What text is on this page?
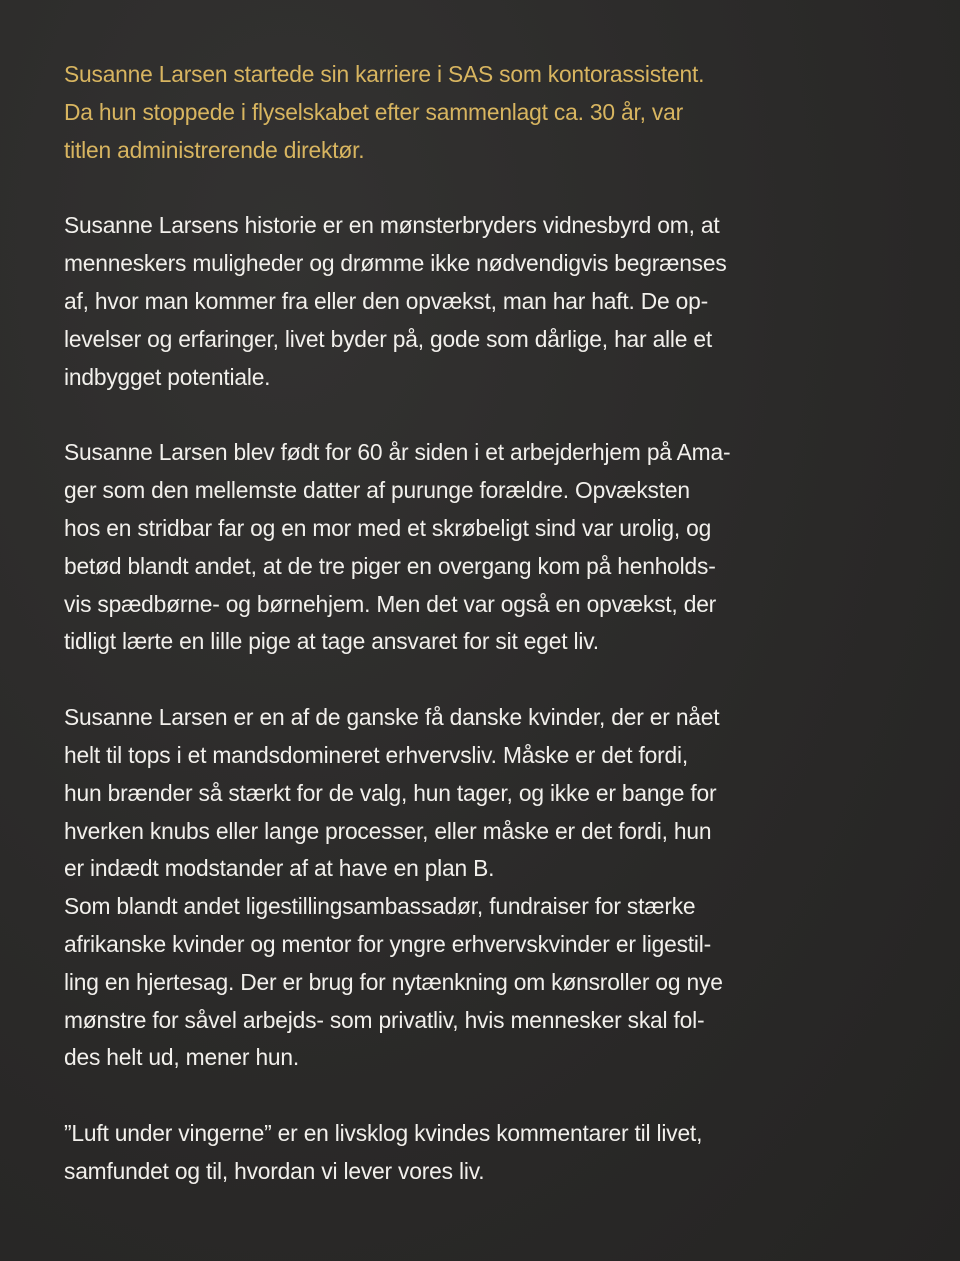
Susanne Larsen startede sin karriere i SAS som kontorassistent.
Da hun stoppede i flyselskabet efter sammenlagt ca. 30 år, var
titlen administrerende direktør.

Susanne Larsens historie er en mønsterbryders vidnesbyrd om, at
menneskers muligheder og drømme ikke nødvendigvis begrænses
af, hvor man kommer fra eller den opvækst, man har haft. De op-
levelser og erfaringer, livet byder på, gode som dårlige, har alle et
indbygget potentiale.

Susanne Larsen blev født for 60 år siden i et arbejderhjem på Ama-
ger som den mellemste datter af purunge forældre. Opvæksten
hos en stridbar far og en mor med et skrøbeligt sind var urolig, og
betød blandt andet, at de tre piger en overgang kom på henholds-
vis spædbørne- og børnehjem. Men det var også en opvækst, der
tidligt lærte en lille pige at tage ansvaret for sit eget liv.

Susanne Larsen er en af de ganske få danske kvinder, der er nået
helt til tops i et mandsdomineret erhvervsliv. Måske er det fordi,
hun brænder så stærkt for de valg, hun tager, og ikke er bange for
hverken knubs eller lange processer, eller måske er det fordi, hun
er indædt modstander af at have en plan B.
Som blandt andet ligestillingsambassadør, fundraiser for stærke
afrikanske kvinder og mentor for yngre erhvervskvinder er ligestil-
ling en hjertesag. Der er brug for nytænkning om kønsroller og nye
mønstre for såvel arbejds- som privatliv, hvis mennesker skal fol-
des helt ud, mener hun.

”Luft under vingerne” er en livsklog kvindes kommentarer til livet,
samfundet og til, hvordan vi lever vores liv.
